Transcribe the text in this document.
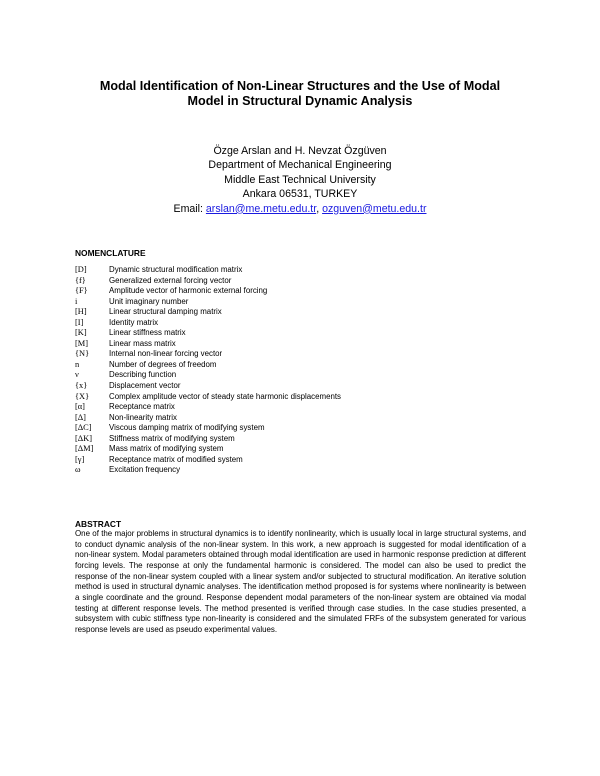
Modal Identification of Non-Linear Structures and the Use of Modal
Model in Structural Dynamic Analysis
Özge Arslan and H. Nevzat Özgüven
Department of Mechanical Engineering
Middle East Technical University
Ankara 06531, TURKEY
Email: arslan@me.metu.edu.tr, ozguven@metu.edu.tr
NOMENCLATURE
[D]	Dynamic structural modification matrix
{f}	Generalized external forcing vector
{F}	Amplitude vector of harmonic external forcing
i	Unit imaginary number
[H]	Linear structural damping matrix
[I]	Identity matrix
[K]	Linear stiffness matrix
[M]	Linear mass matrix
{N}	Internal non-linear forcing vector
n	Number of degrees of freedom
ν	Describing function
{x}	Displacement vector
{X}	Complex amplitude vector of steady state harmonic displacements
[α]	Receptance matrix
[Δ]	Non-linearity matrix
[ΔC]	Viscous damping matrix of modifying system
[ΔK]	Stiffness matrix of modifying system
[ΔM]	Mass matrix of modifying system
[γ]	Receptance matrix of modified system
ω	Excitation frequency
ABSTRACT
One of the major problems in structural dynamics is to identify nonlinearity, which is usually local in large structural systems, and to conduct dynamic analysis of the non-linear system. In this work, a new approach is suggested for modal identification of a non-linear system. Modal parameters obtained through modal identification are used in harmonic response prediction at different forcing levels. The response at only the fundamental harmonic is considered. The model can also be used to predict the response of the non-linear system coupled with a linear system and/or subjected to structural modification. An iterative solution method is used in structural dynamic analyses. The identification method proposed is for systems where nonlinearity is between a single coordinate and the ground. Response dependent modal parameters of the non-linear system are obtained via modal testing at different response levels. The method presented is verified through case studies. In the case studies presented, a subsystem with cubic stiffness type non-linearity is considered and the simulated FRFs of the subsystem generated for various response levels are used as pseudo experimental values.
